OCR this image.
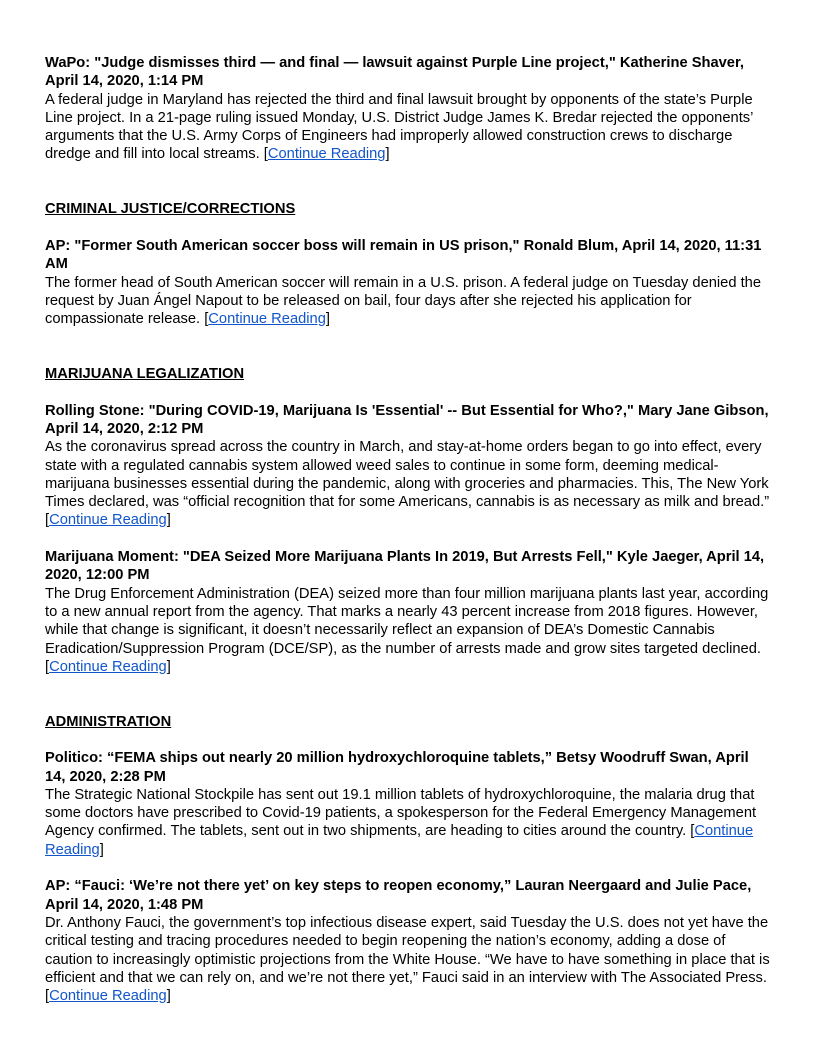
WaPo: "Judge dismisses third — and final — lawsuit against Purple Line project," Katherine Shaver, April 14, 2020, 1:14 PM

A federal judge in Maryland has rejected the third and final lawsuit brought by opponents of the state’s Purple Line project. In a 21-page ruling issued Monday, U.S. District Judge James K. Bredar rejected the opponents’ arguments that the U.S. Army Corps of Engineers had improperly allowed construction crews to discharge dredge and fill into local streams. [Continue Reading]

CRIMINAL JUSTICE/CORRECTIONS

AP: "Former South American soccer boss will remain in US prison," Ronald Blum, April 14, 2020, 11:31 AM

The former head of South American soccer will remain in a U.S. prison. A federal judge on Tuesday denied the request by Juan Ángel Napout to be released on bail, four days after she rejected his application for compassionate release. [Continue Reading]

MARIJUANA LEGALIZATION

Rolling Stone: "During COVID-19, Marijuana Is 'Essential' -- But Essential for Who?," Mary Jane Gibson, April 14, 2020, 2:12 PM

As the coronavirus spread across the country in March, and stay-at-home orders began to go into effect, every state with a regulated cannabis system allowed weed sales to continue in some form, deeming medical-marijuana businesses essential during the pandemic, along with groceries and pharmacies. This, The New York Times declared, was “official recognition that for some Americans, cannabis is as necessary as milk and bread.” [Continue Reading]

Marijuana Moment: "DEA Seized More Marijuana Plants In 2019, But Arrests Fell," Kyle Jaeger, April 14, 2020, 12:00 PM

The Drug Enforcement Administration (DEA) seized more than four million marijuana plants last year, according to a new annual report from the agency. That marks a nearly 43 percent increase from 2018 figures. However, while that change is significant, it doesn’t necessarily reflect an expansion of DEA’s Domestic Cannabis Eradication/Suppression Program (DCE/SP), as the number of arrests made and grow sites targeted declined. [Continue Reading]

ADMINISTRATION

Politico: “FEMA ships out nearly 20 million hydroxychloroquine tablets,” Betsy Woodruff Swan, April 14, 2020, 2:28 PM

The Strategic National Stockpile has sent out 19.1 million tablets of hydroxychloroquine, the malaria drug that some doctors have prescribed to Covid-19 patients, a spokesperson for the Federal Emergency Management Agency confirmed. The tablets, sent out in two shipments, are heading to cities around the country. [Continue Reading]

AP: “Fauci: ‘We’re not there yet’ on key steps to reopen economy,” Lauran Neergaard and Julie Pace, April 14, 2020, 1:48 PM

Dr. Anthony Fauci, the government’s top infectious disease expert, said Tuesday the U.S. does not yet have the critical testing and tracing procedures needed to begin reopening the nation’s economy, adding a dose of caution to increasingly optimistic projections from the White House. “We have to have something in place that is efficient and that we can rely on, and we’re not there yet,” Fauci said in an interview with The Associated Press. [Continue Reading]
